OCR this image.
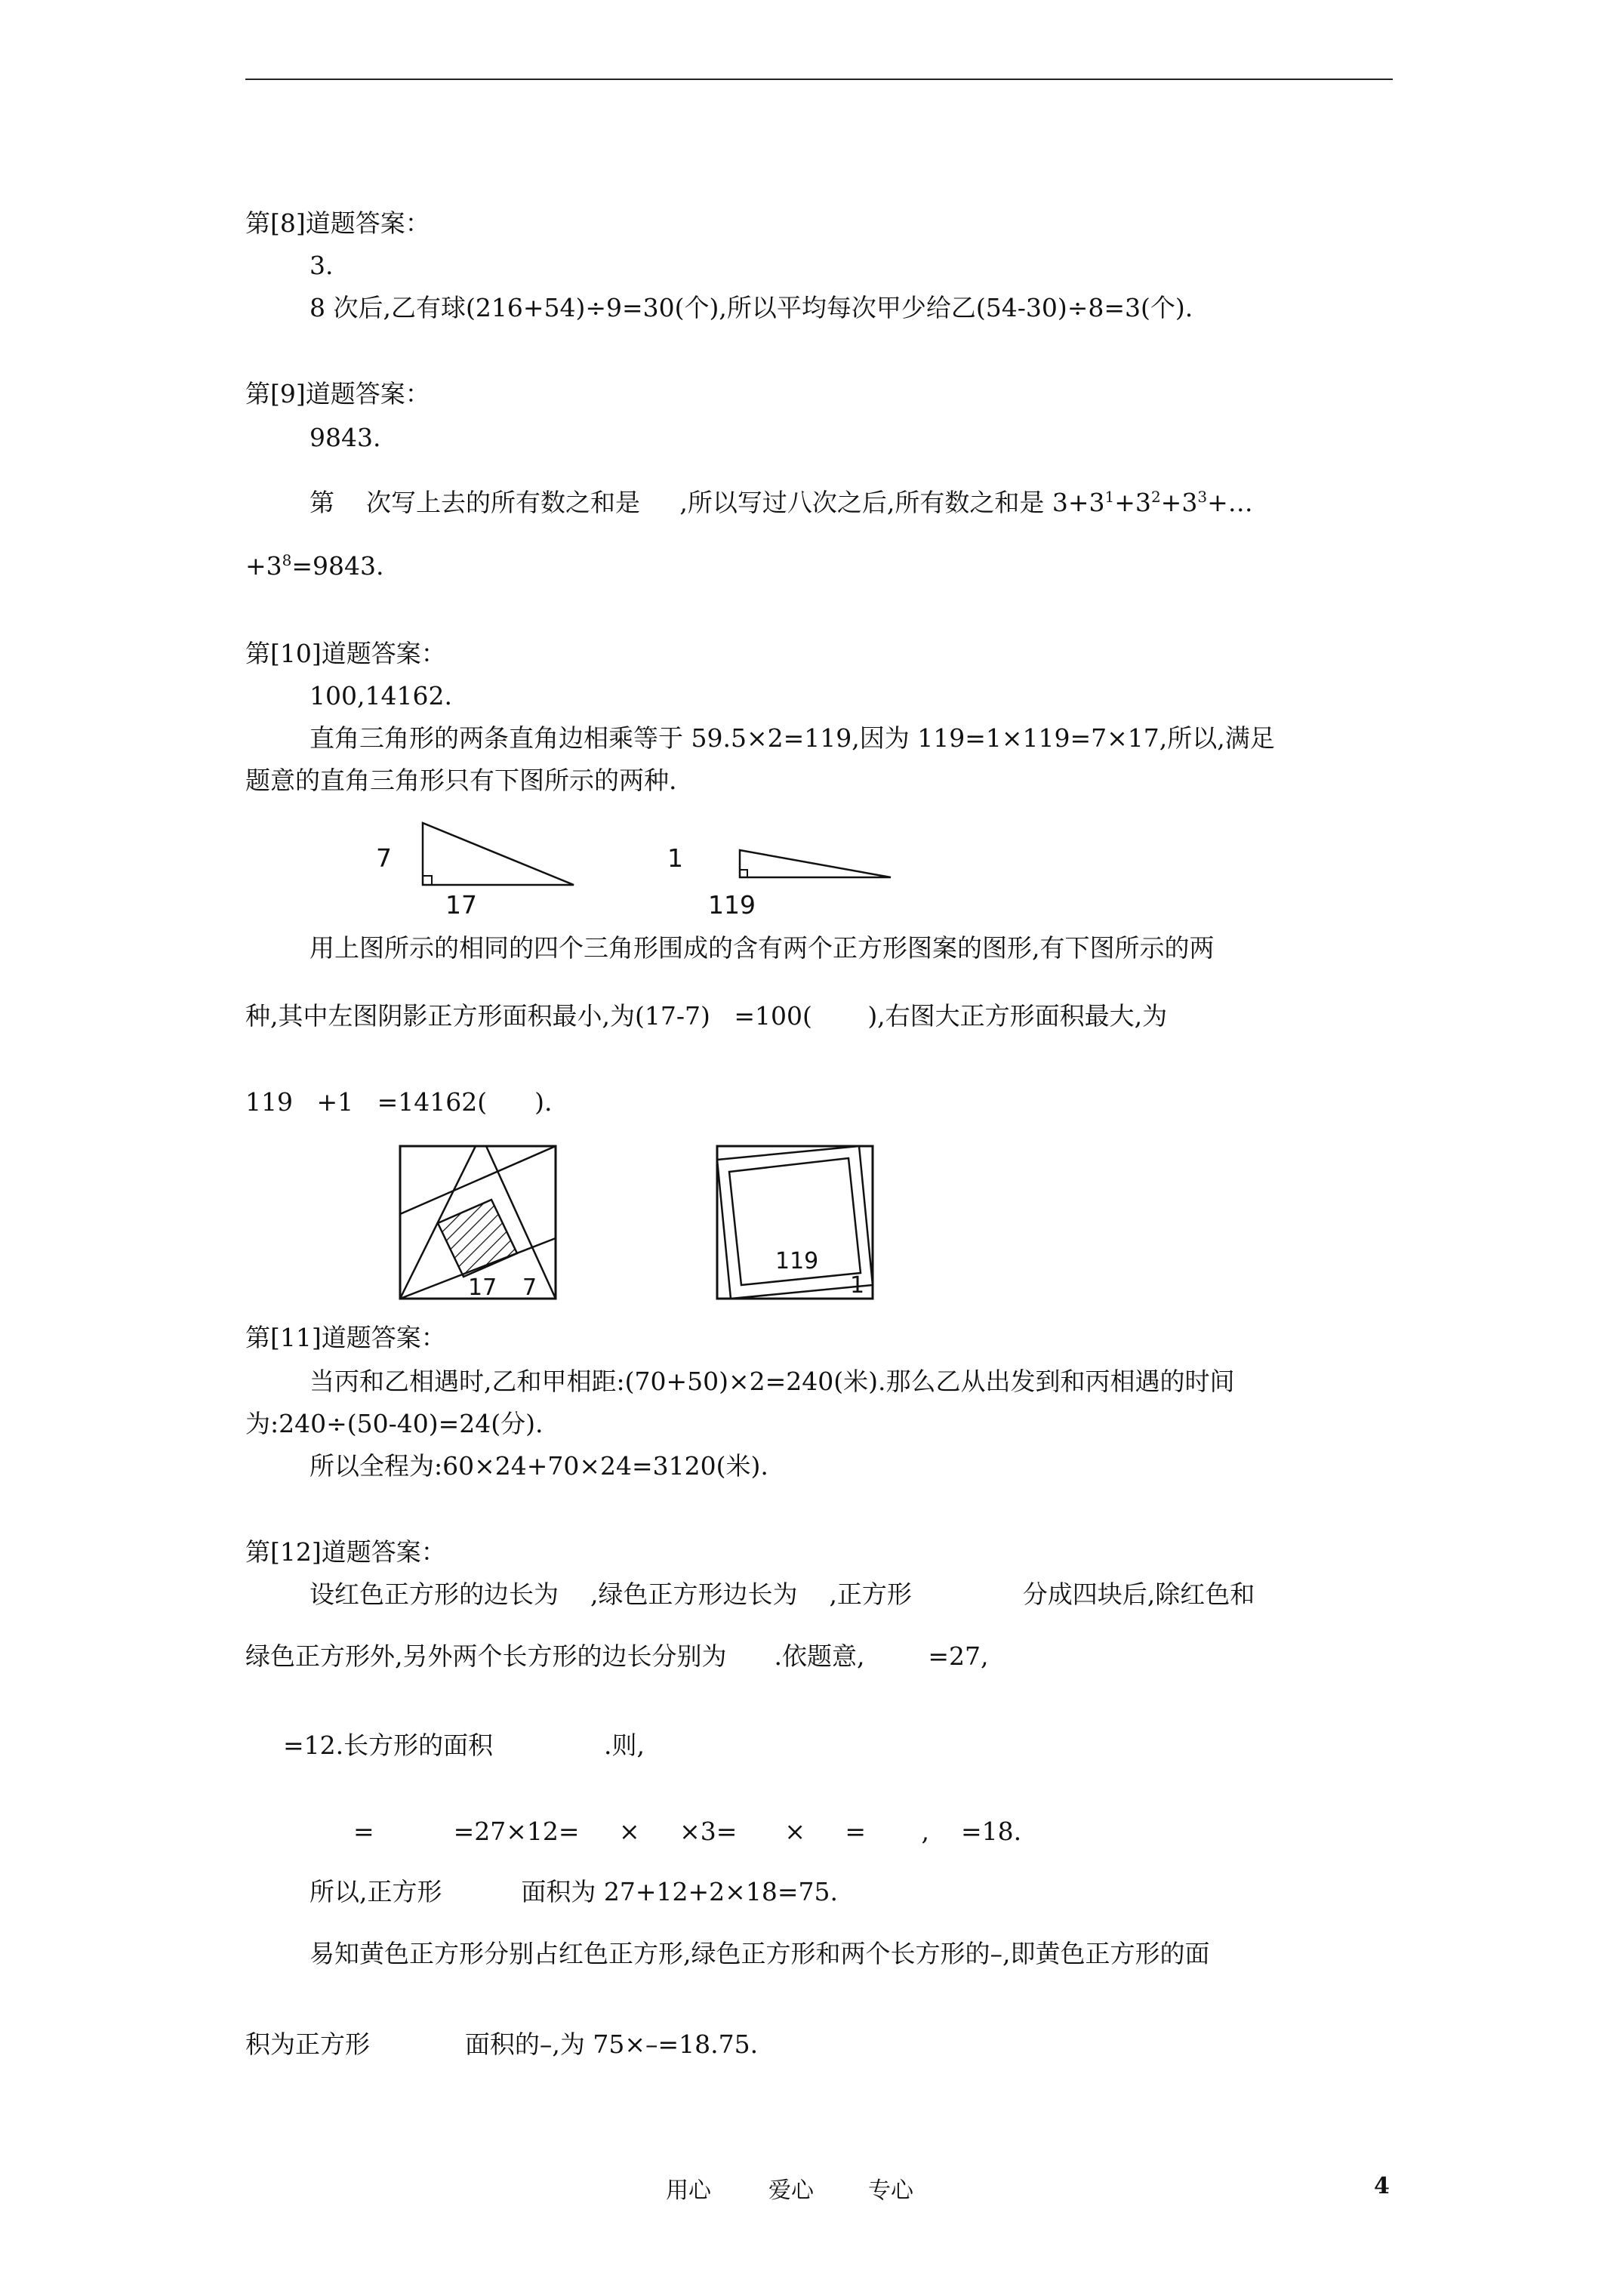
第[8]道题答案：
3.
8 次后,乙有球(216+54)÷9=30(个),所以平均每次甲少给乙(54-30)÷8=3(个).
第[9]道题答案：
9843.
第 次写上去的所有数之和是 ,所以写过八次之后,所有数之和是 $3+3^1+3^2+3^3+\dots$
$+3^8=9843$.
第[10]道题答案：
100,14162.
直角三角形的两条直角边相乘等于 59.5×2=119,因为 119=1×119=7×17,所以,满足
题意的直角三角形只有下图所示的两种.
7
17
1
119
用上图所示的相同的四个三角形围成的含有两个正方形图案的图形,有下图所示的两
种,其中左图阴影正方形面积最小,为(17-7) =100( ),右图大正方形面积最大,为
119 +1 =14162( ).
17 7
119
1
第[11]道题答案：
当丙和乙相遇时,乙和甲相距:(70+50)×2=240(米).那么乙从出发到和丙相遇的时间
为:240÷(50-40)=24(分).
所以全程为:60×24+70×24=3120(米).
第[12]道题答案：
设红色正方形的边长为 ,绿色正方形边长为 ,正方形	分成四块后,除红色和
绿色正方形外,另外两个长方形的边长分别为 .依题意,	=27,
=12.长方形的面积	.则,
=	=27×12= × ×3= × = , =18.
所以,正方形	面积为 27+12+2×18=75.
易知黄色正方形分别占红色正方形,绿色正方形和两个长方形的–,即黄色正方形的面
积为正方形	面积的–,为 75×–=18.75.
用心	爱心 专心	4
